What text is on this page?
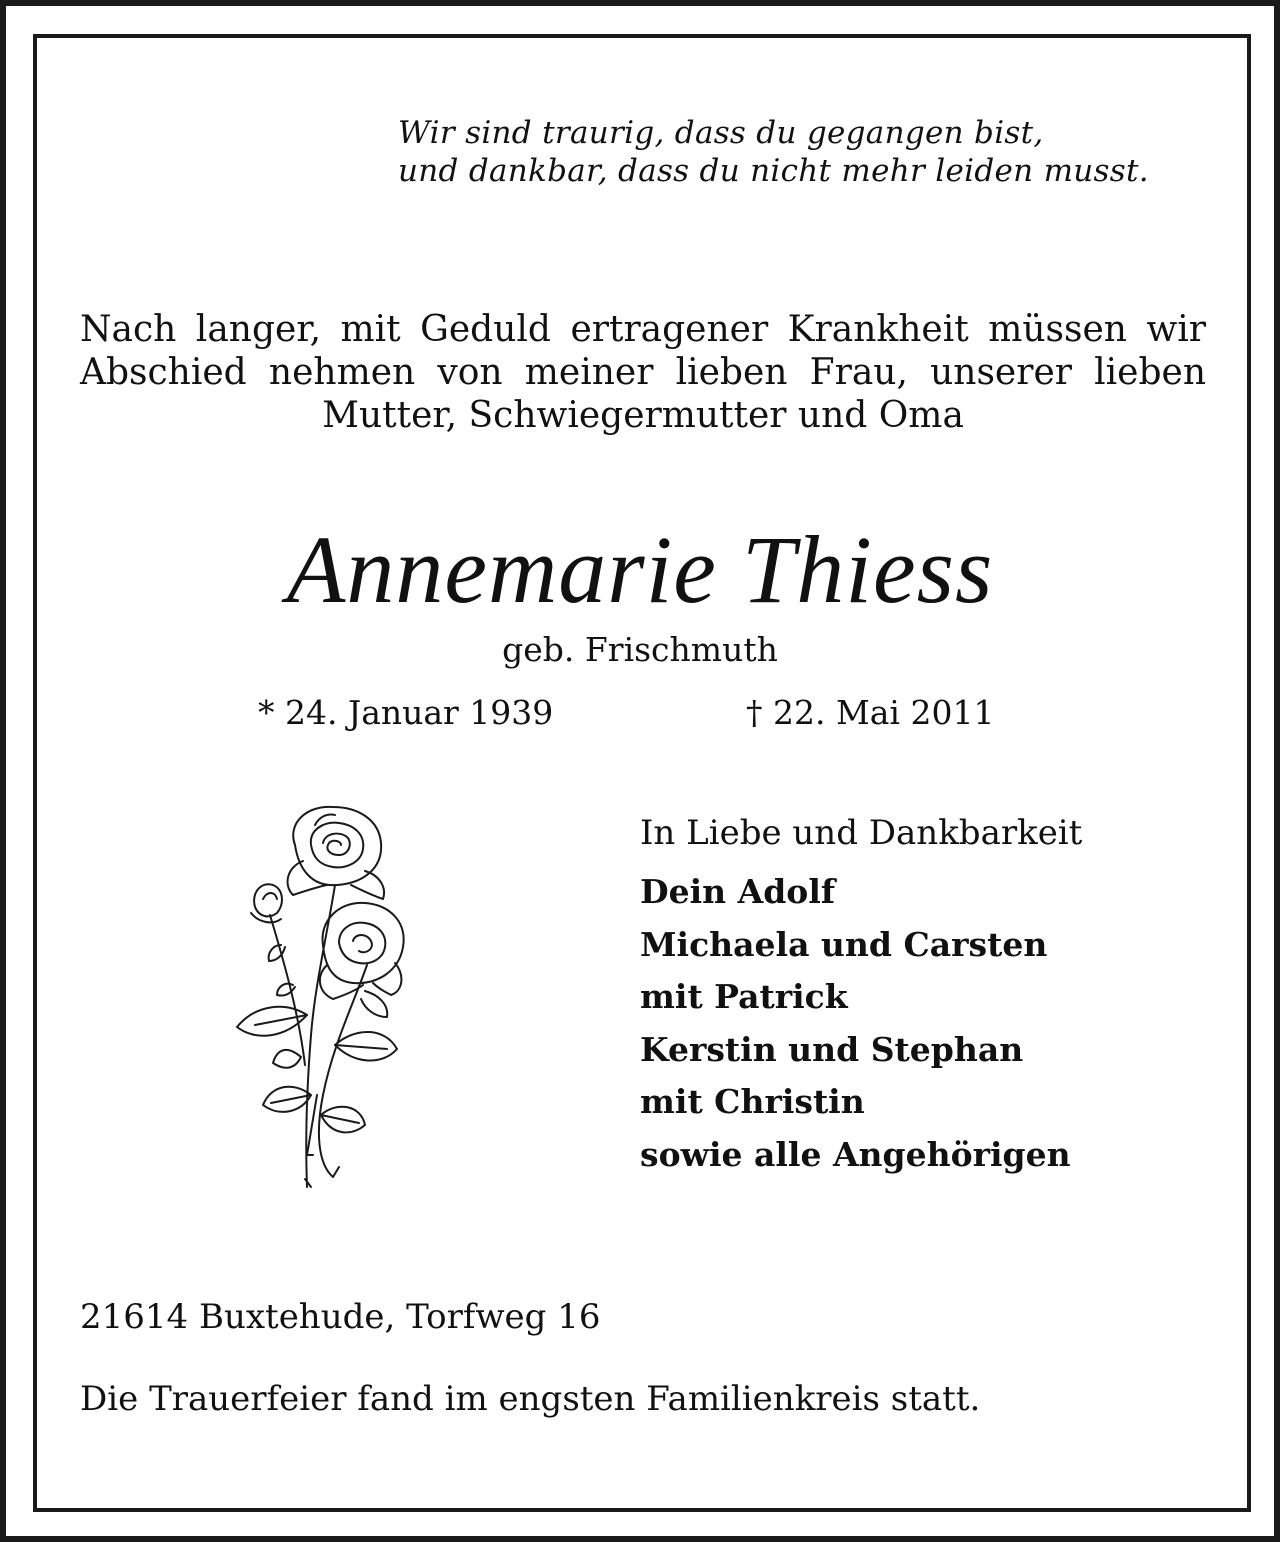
Wir sind traurig, dass du gegangen bist,
und dankbar, dass du nicht mehr leiden musst.
Nach langer, mit Geduld ertragener Krankheit müssen wir Abschied nehmen von meiner lieben Frau, unserer lieben Mutter, Schwiegermutter und Oma
Annemarie Thiess
geb. Frischmuth
* 24. Januar 1939	† 22. Mai 2011
In Liebe und Dankbarkeit
Dein Adolf
Michaela und Carsten
mit Patrick
Kerstin und Stephan
mit Christin
sowie alle Angehörigen
21614 Buxtehude, Torfweg 16
Die Trauerfeier fand im engsten Familienkreis statt.
